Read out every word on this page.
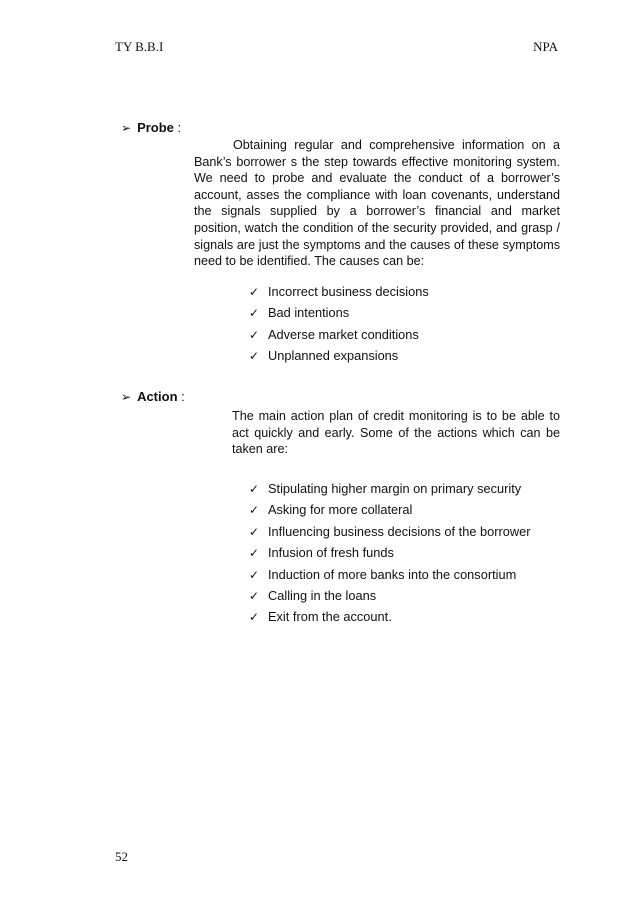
TY B.B.I	NPA
➢ Probe :
Obtaining regular and comprehensive information on a Bank’s borrower s the step towards effective monitoring system. We need to probe and evaluate the conduct of a borrower’s account, asses the compliance with loan covenants, understand the signals supplied by a borrower’s financial and market position, watch the condition of the security provided, and grasp / signals are just the symptoms and the causes of these symptoms need to be identified. The causes can be:
✓ Incorrect business decisions
✓ Bad intentions
✓ Adverse market conditions
✓ Unplanned expansions
➢ Action :
The main action plan of credit monitoring is to be able to act quickly and early. Some of the actions which can be taken are:
✓ Stipulating higher margin on primary security
✓ Asking for more collateral
✓ Influencing business decisions of the borrower
✓ Infusion of fresh funds
✓ Induction of more banks into the consortium
✓ Calling in the loans
✓ Exit from the account.
52
